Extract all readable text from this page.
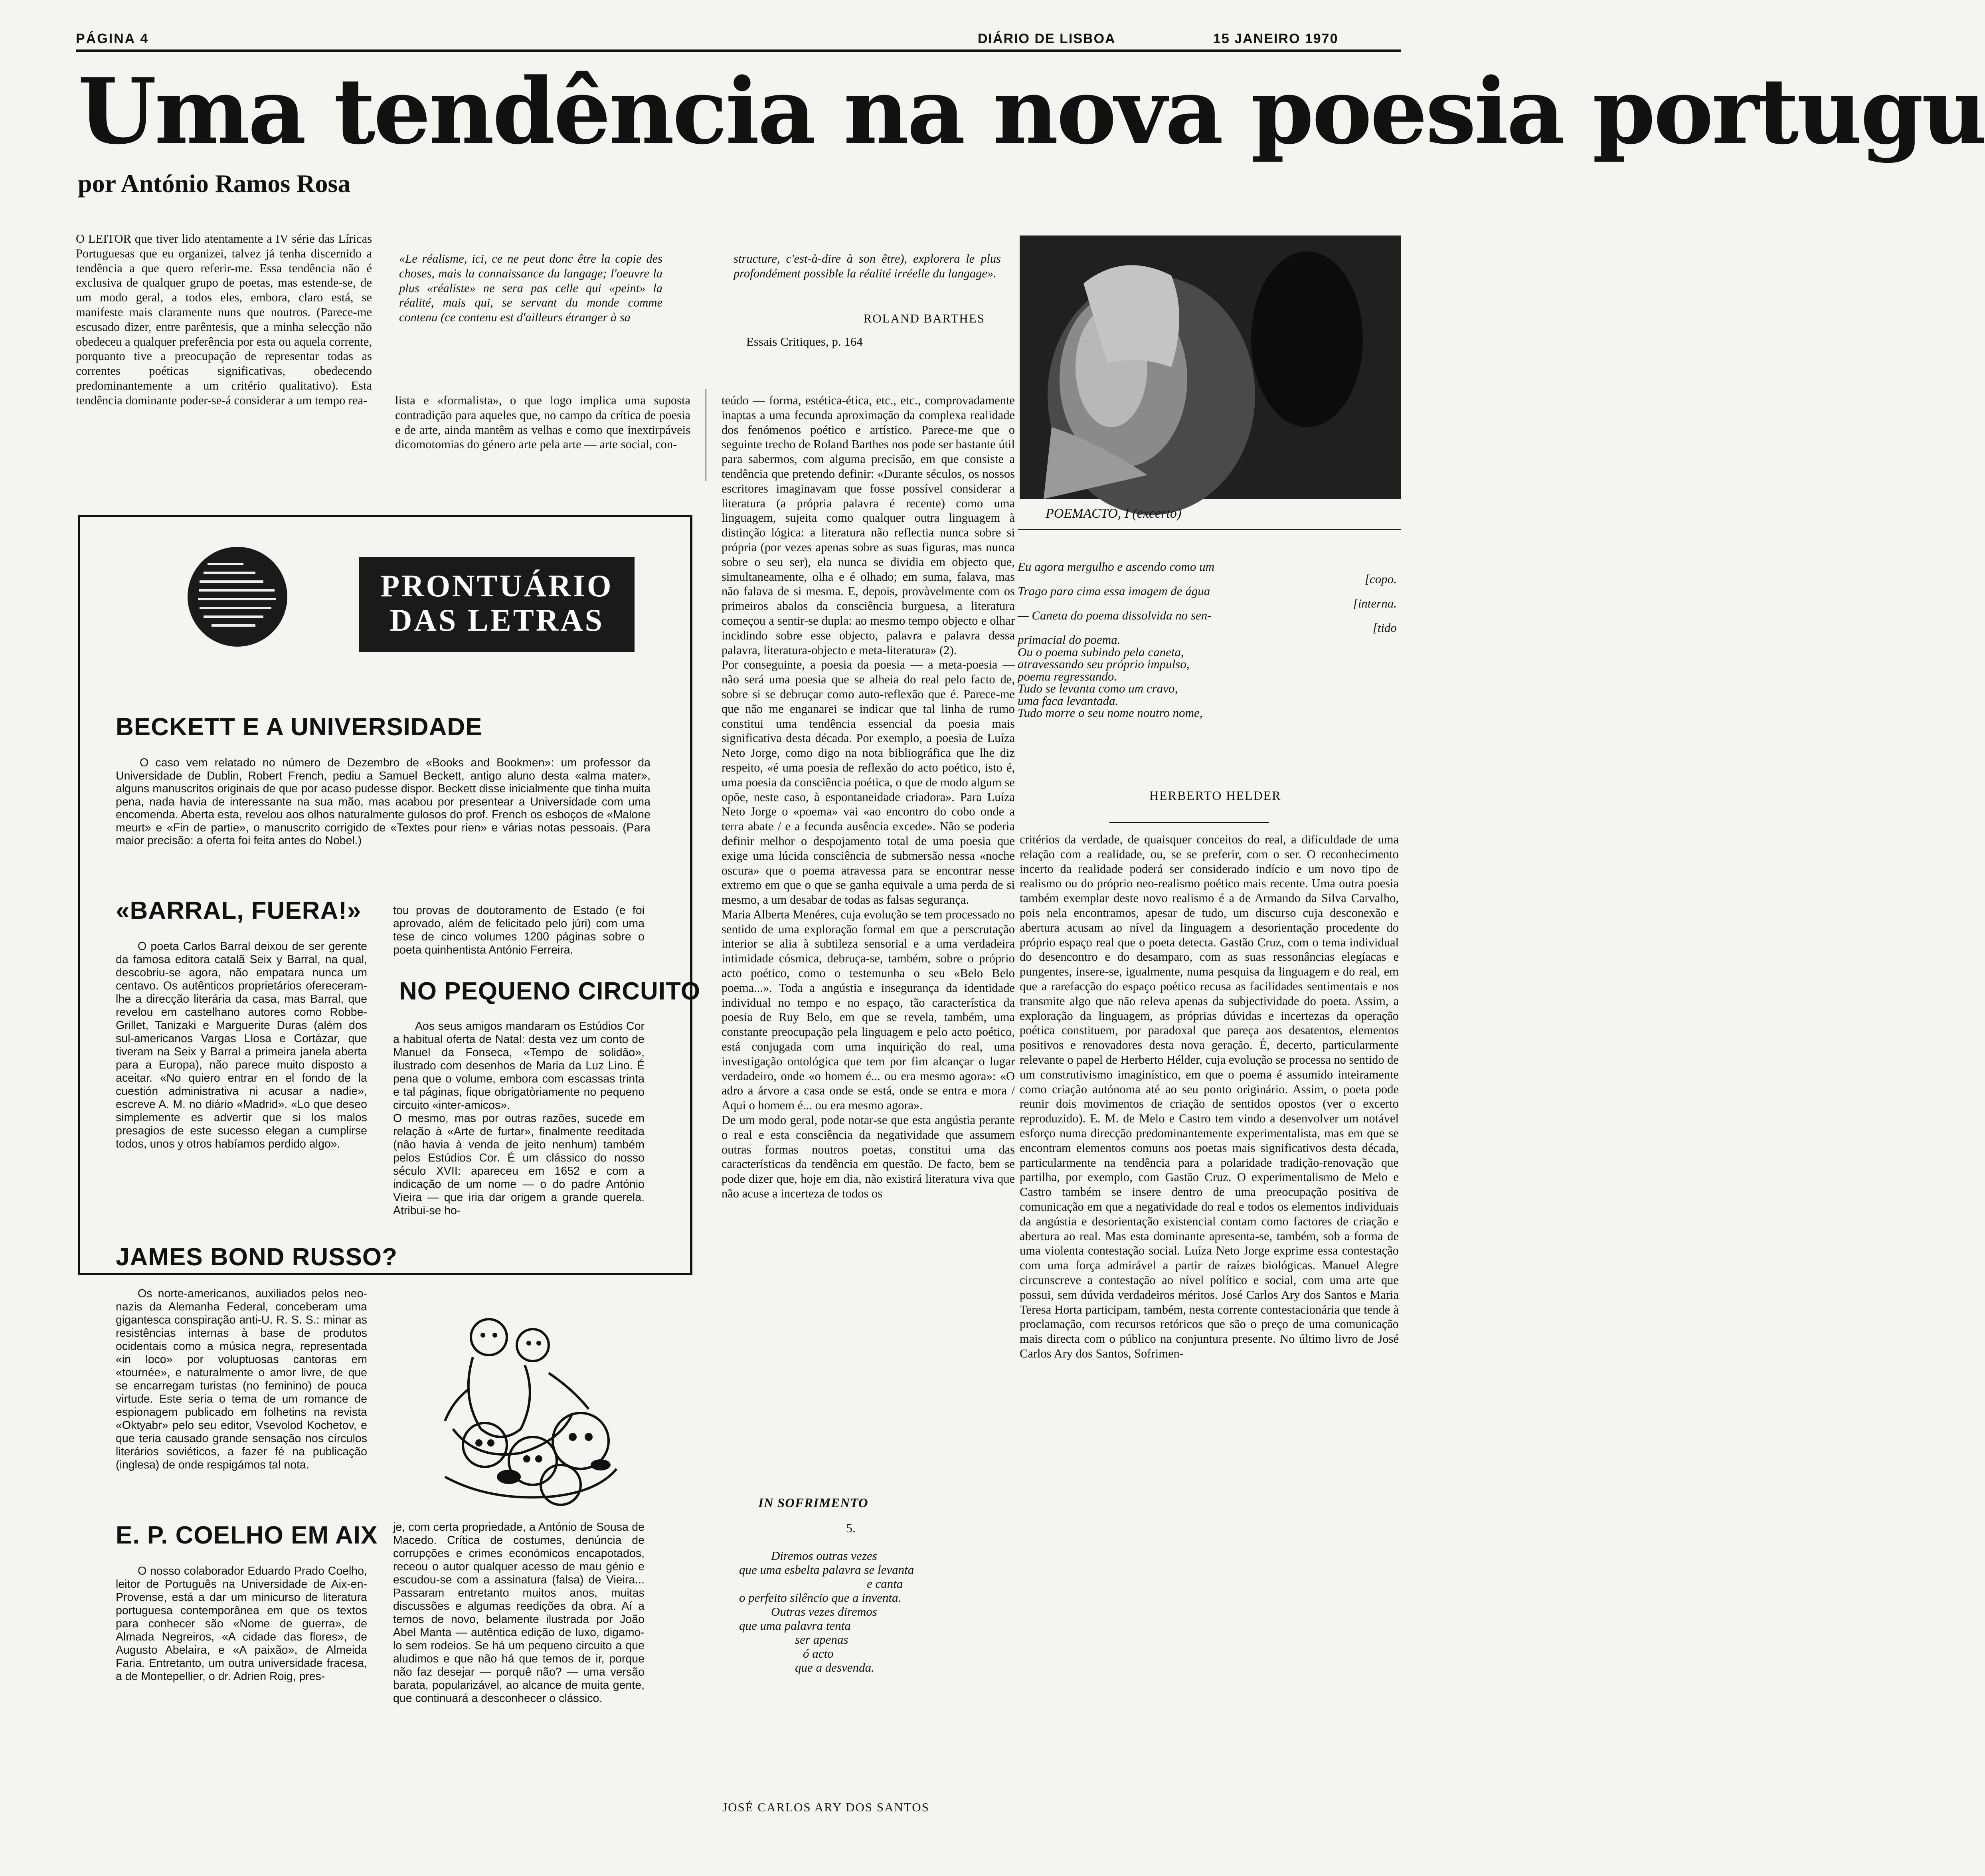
PÁGINA 4	DIÁRIO DE LISBOA	15 JANEIRO 1970
Uma tendência na nova poesia portugu
por António Ramos Rosa
O LEITOR que tiver lido atentamente a IV série das Líricas Portuguesas que eu organizei, talvez já tenha discernido a tendência a que quero referir-me. Essa tendência não é exclusiva de qualquer grupo de poetas, mas estende-se, de um modo geral, a todos eles, embora, claro está, se manifeste mais claramente nuns que noutros. (Parece-me escusado dizer, entre parêntesis, que a minha selecção não obedeceu a qualquer preferência por esta ou aquela corrente, porquanto tive a preocupação de representar todas as correntes poéticas significativas, obedecendo predominantemente a um critério qualitativo). Esta tendência dominante poder-se-á considerar a um tempo rea-
«Le réalisme, ici, ce ne peut donc être la copie des choses, mais la connaissance du langage; l'oeuvre la plus «réaliste» ne sera pas celle qui «peint» la réalité, mais qui, se servant du monde comme contenu (ce contenu est d'ailleurs étranger à sa
structure, c'est-à-dire à son être), explorera le plus profondément possible la réalité irréelle du langage».
ROLAND BARTHES
Essais Critiques, p. 164
lista e «formalista», o que logo implica uma suposta contradição para aqueles que, no campo da crítica de poesia e de arte, ainda mantêm as velhas e como que inextirpáveis dicomotomias do género arte pela arte — arte social, con-
teúdo — forma, estética-ética, etc., etc., comprovadamente inaptas a uma fecunda aproximação da complexa realidade dos fenómenos poético e artístico. Parece-me que o seguinte trecho de Roland Barthes nos pode ser bastante útil para sabermos, com alguma precisão, em que consiste a tendência que pretendo definir: «Durante séculos, os nossos escritores imaginavam que fosse possível considerar a literatura (a própria palavra é recente) como uma linguagem, sujeita como qualquer outra linguagem à distinção lógica: a literatura não reflectia nunca sobre si própria (por vezes apenas sobre as suas figuras, mas nunca sobre o seu ser), ela nunca se dividia em objecto que, simultaneamente, olha e é olhado; em suma, falava, mas não falava de si mesma. E, depois, provàvelmente com os primeiros abalos da consciência burguesa, a literatura começou a sentir-se dupla: ao mesmo tempo objecto e olhar incidindo sobre esse objecto, palavra e palavra dessa palavra, literatura-objecto e meta-literatura» (2).
Por conseguinte, a poesia da poesia — a meta-poesia — não será uma poesia que se alheia do real pelo facto de, sobre si se debruçar como auto-reflexão que é. Parece-me que não me enganarei se indicar que tal linha de rumo constitui uma tendência essencial da poesia mais significativa desta década. Por exemplo, a poesia de Luíza Neto Jorge, como digo na nota bibliográfica que lhe diz respeito, «é uma poesia de reflexão do acto poético, isto é, uma poesia da consciência poética, o que de modo algum se opõe, neste caso, à espontaneidade criadora». Para Luíza Neto Jorge o «poema» vai «ao encontro do cobo onde a terra abate / e a fecunda ausência excede». Não se poderia definir melhor o despojamento total de uma poesia que exige uma lúcida consciência de submersão nessa «noche oscura» que o poema atravessa para se encontrar nesse extremo em que o que se ganha equivale a uma perda de si mesmo, a um desabar de todas as falsas segurança.
Maria Alberta Menéres, cuja evolução se tem processado no sentido de uma exploração formal em que a perscrutação interior se alia à subtileza sensorial e a uma verdadeira intimidade cósmica, debruça-se, também, sobre o próprio acto poético, como o testemunha o seu «Belo Belo poema...». Toda a angústia e insegurança da identidade individual no tempo e no espaço, tão característica da poesia de Ruy Belo, em que se revela, também, uma constante preocupação pela linguagem e pelo acto poético, está conjugada com uma inquirição do real, uma investigação ontológica que tem por fim alcançar o lugar verdadeiro, onde «o homem é... ou era mesmo agora»: «O adro a árvore a casa onde se está, onde se entra e mora / Aqui o homem é... ou era mesmo agora».
De um modo geral, pode notar-se que esta angústia perante o real e esta consciência da negatividade que assumem outras formas noutros poetas, constitui uma das características da tendência em questão. De facto, bem se pode dizer que, hoje em dia, não existirá literatura viva que não acuse a incerteza de todos os
POEMACTO, I (excerto)
Eu agora mergulho e ascendo como um
[copo.
Trago para cima essa imagem de água
[interna.
— Caneta do poema dissolvida no sen-
[tido
primacial do poema.
Ou o poema subindo pela caneta,
atravessando seu próprio impulso,
poema regressando.
Tudo se levanta como um cravo,
uma faca levantada.
Tudo morre o seu nome noutro nome,
HERBERTO HELDER
critérios da verdade, de quaisquer conceitos do real, a dificuldade de uma relação com a realidade, ou, se se preferir, com o ser. O reconhecimento incerto da realidade poderá ser considerado indício e um novo tipo de realismo ou do próprio neo-realismo poético mais recente. Uma outra poesia também exemplar deste novo realismo é a de Armando da Silva Carvalho, pois nela encontramos, apesar de tudo, um discurso cuja desconexão e abertura acusam ao nível da linguagem a desorientação procedente do próprio espaço real que o poeta detecta. Gastão Cruz, com o tema individual do desencontro e do desamparo, com as suas ressonâncias elegíacas e pungentes, insere-se, igualmente, numa pesquisa da linguagem e do real, em que a rarefacção do espaço poético recusa as facilidades sentimentais e nos transmite algo que não releva apenas da subjectividade do poeta. Assim, a exploração da linguagem, as próprias dúvidas e incertezas da operação poética constituem, por paradoxal que pareça aos desatentos, elementos positivos e renovadores desta nova geração. É, decerto, particularmente relevante o papel de Herberto Hélder, cuja evolução se processa no sentido de um construtivismo imaginístico, em que o poema é assumido inteiramente como criação autónoma até ao seu ponto originário. Assim, o poeta pode reunir dois movimentos de criação de sentidos opostos (ver o excerto reproduzido). E. M. de Melo e Castro tem vindo a desenvolver um notável esforço numa direcção predominantemente experimentalista, mas em que se encontram elementos comuns aos poetas mais significativos desta década, particularmente na tendência para a polaridade tradição-renovação que partilha, por exemplo, com Gastão Cruz. O experimentalismo de Melo e Castro também se insere dentro de uma preocupação positiva de comunicação em que a negatividade do real e todos os elementos individuais da angústia e desorientação existencial contam como factores de criação e abertura ao real. Mas esta dominante apresenta-se, também, sob a forma de uma violenta contestação social. Luíza Neto Jorge exprime essa contestação com uma força admirável a partir de raízes biológicas. Manuel Alegre circunscreve a contestação ao nível político e social, com uma arte que possui, sem dúvida verdadeiros méritos. José Carlos Ary dos Santos e Maria Teresa Horta participam, também, nesta corrente contestacionária que tende à proclamação, com recursos retóricos que são o preço de uma comunicação mais directa com o público na conjuntura presente. No último livro de José Carlos Ary dos Santos, Sofrimen-
PRONTUÁRIO
DAS LETRAS
BECKETT E A UNIVERSIDADE
O caso vem relatado no número de Dezembro de «Books and Bookmen»: um professor da Universidade de Dublin, Robert French, pediu a Samuel Beckett, antigo aluno desta «alma mater», alguns manuscritos originais de que por acaso pudesse dispor. Beckett disse inicialmente que tinha muita pena, nada havia de interessante na sua mão, mas acabou por presentear a Universidade com uma encomenda. Aberta esta, revelou aos olhos naturalmente gulosos do prof. French os esboços de «Malone meurt» e «Fin de partie», o manuscrito corrigido de «Textes pour rien» e várias notas pessoais. (Para maior precisão: a oferta foi feita antes do Nobel.)
«BARRAL, FUERA!»
O poeta Carlos Barral deixou de ser gerente da famosa editora catalã Seix y Barral, na qual, descobriu-se agora, não empatara nunca um centavo. Os autênticos proprietários ofereceram-lhe a direcção literária da casa, mas Barral, que revelou em castelhano autores como Robbe-Grillet, Tanizaki e Marguerite Duras (além dos sul-americanos Vargas Llosa e Cortázar, que tiveram na Seix y Barral a primeira janela aberta para a Europa), não parece muito disposto a aceitar. «No quiero entrar en el fondo de la cuestión administrativa ni acusar a nadie», escreve A. M. no diário «Madrid». «Lo que deseo simplemente es advertir que si los malos presagios de este sucesso elegan a cumplirse todos, unos y otros habíamos perdido algo».
JAMES BOND RUSSO?
Os norte-americanos, auxiliados pelos neo-nazis da Alemanha Federal, conceberam uma gigantesca conspiração anti-U. R. S. S.: minar as resistências internas à base de produtos ocidentais como a música negra, representada «in loco» por voluptuosas cantoras em «tournée», e naturalmente o amor livre, de que se encarregam turistas (no feminino) de pouca virtude. Este seria o tema de um romance de espionagem publicado em folhetins na revista «Oktyabr» pelo seu editor, Vsevolod Kochetov, e que teria causado grande sensação nos círculos literários soviéticos, a fazer fé na publicação (inglesa) de onde respigámos tal nota.
E. P. COELHO EM AIX
O nosso colaborador Eduardo Prado Coelho, leitor de Português na Universidade de Aix-en-Provense, está a dar um minicurso de literatura portuguesa contemporânea em que os textos para conhecer são «Nome de guerra», de Almada Negreiros, «A cidade das flores», de Augusto Abelaira, e «A paixão», de Almeida Faria. Entretanto, um outra universidade fracesa, a de Montepellier, o dr. Adrien Roig, pres-
tou provas de doutoramento de Estado (e foi aprovado, além de felicitado pelo júri) com uma tese de cinco volumes 1200 páginas sobre o poeta quinhentista António Ferreira.
NO PEQUENO CIRCUITO
Aos seus amigos mandaram os Estúdios Cor a habitual oferta de Natal: desta vez um conto de Manuel da Fonseca, «Tempo de solidão», ilustrado com desenhos de Maria da Luz Lino. É pena que o volume, embora com escassas trinta e tal páginas, fique obrigatòriamente no pequeno circuito «inter-amicos».
O mesmo, mas por outras razões, sucede em relação à «Arte de furtar», finalmente reeditada (não havia à venda de jeito nenhum) também pelos Estúdios Cor. É um clássico do nosso século XVII: apareceu em 1652 e com a indicação de um nome — o do padre António Vieira — que iria dar origem a grande querela. Atribui-se ho-
je, com certa propriedade, a António de Sousa de Macedo. Crítica de costumes, denúncia de corrupções e crimes económicos encapotados, receou o autor qualquer acesso de mau génio e escudou-se com a assinatura (falsa) de Vieira... Passaram entretanto muitos anos, muitas discussões e algumas reedições da obra. Aí a temos de novo, belamente ilustrada por João Abel Manta — autêntica edição de luxo, digamo-lo sem rodeios. Se há um pequeno circuito a que aludimos e que não há que temos de ir, porque não faz desejar — porquê não? — uma versão barata, popularizável, ao alcance de muita gente, que continuará a desconhecer o clássico.
IN SOFRIMENTO
5.
Diremos outras vezes
que uma esbelta palavra se levanta
e canta
o perfeito silêncio que a inventa.
Outras vezes diremos
que uma palavra tenta
ser apenas
ó acto
que a desvenda.
JOSÉ CARLOS ARY DOS SANTOS
